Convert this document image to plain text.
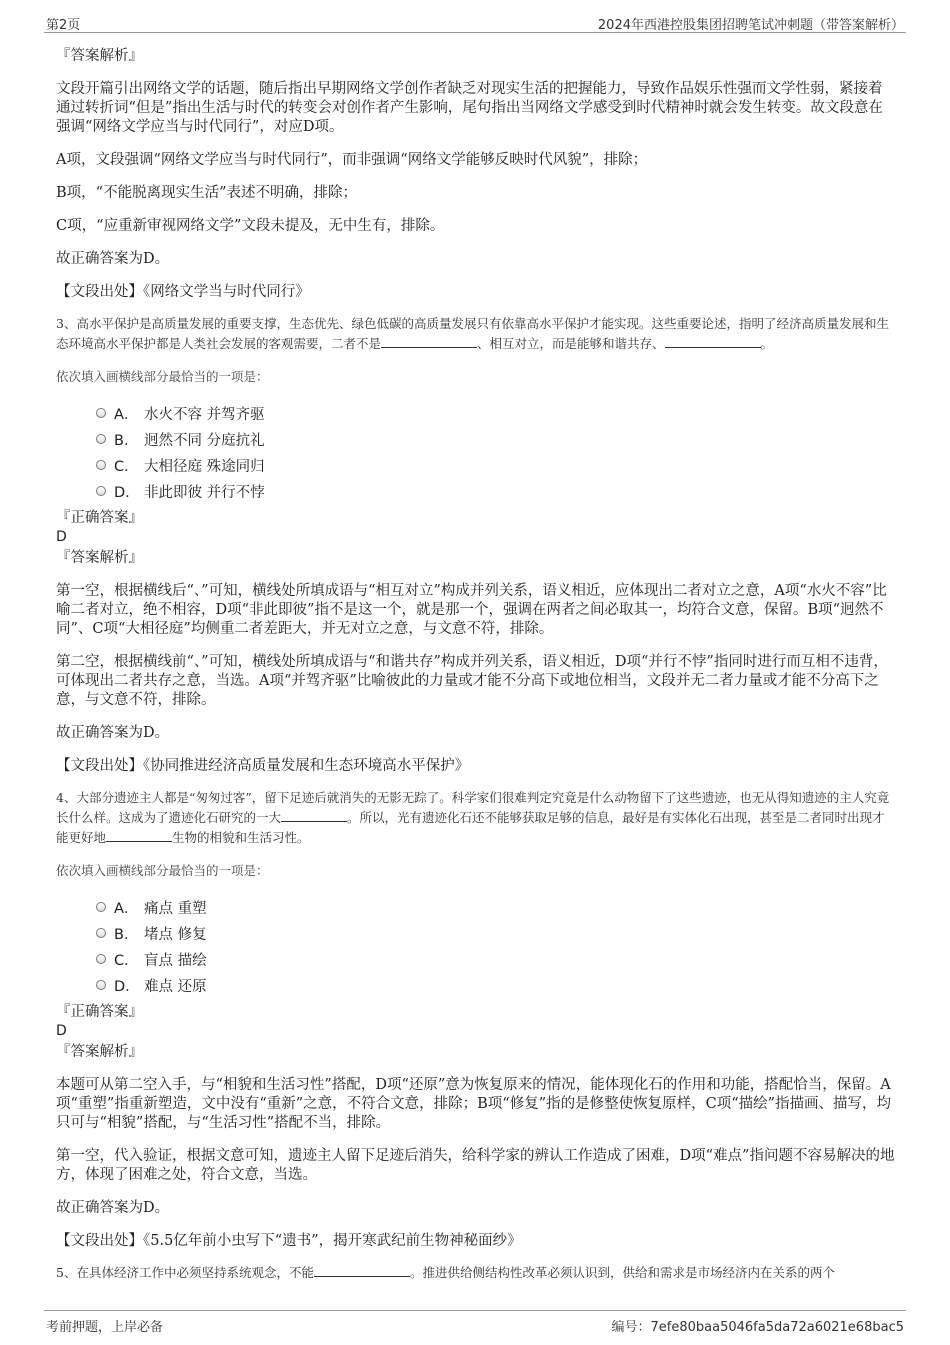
第2页	2024年西港控股集团招聘笔试冲刺题（带答案解析）

『答案解析』

文段开篇引出网络文学的话题，随后指出早期网络文学创作者缺乏对现实生活的把握能力，导致作品娱乐性强而文学性弱，紧接着通过转折词“但是”指出生活与时代的转变会对创作者产生影响，尾句指出当网络文学感受到时代精神时就会发生转变。故文段意在强调“网络文学应当与时代同行”，对应D项。

A项，文段强调“网络文学应当与时代同行”，而非强调“网络文学能够反映时代风貌”，排除；

B项，“不能脱离现实生活”表述不明确，排除；

C项，“应重新审视网络文学”文段未提及，无中生有，排除。

故正确答案为D。

【文段出处】《网络文学当与时代同行》

3、高水平保护是高质量发展的重要支撑，生态优先、绿色低碳的高质量发展只有依靠高水平保护才能实现。这些重要论述，指明了经济高质量发展和生态环境高水平保护都是人类社会发展的客观需要，二者不是	、相互对立，而是能够和谐共存、	。

依次填入画横线部分最恰当的一项是：

A． 水火不容 并驾齐驱
B． 迥然不同 分庭抗礼
C． 大相径庭 殊途同归
D． 非此即彼 并行不悖

『正确答案』

D

『答案解析』

第一空，根据横线后“、”可知，横线处所填成语与“相互对立”构成并列关系，语义相近，应体现出二者对立之意，A项“水火不容”比喻二者对立，绝不相容，D项“非此即彼”指不是这一个，就是那一个，强调在两者之间必取其一，均符合文意，保留。B项“迥然不同”、C项“大相径庭”均侧重二者差距大，并无对立之意，与文意不符，排除。

第二空，根据横线前“、”可知，横线处所填成语与“和谐共存”构成并列关系，语义相近，D项“并行不悖”指同时进行而互相不违背，可体现出二者共存之意，当选。A项“并驾齐驱”比喻彼此的力量或才能不分高下或地位相当，文段并无二者力量或才能不分高下之意，与文意不符，排除。

故正确答案为D。

【文段出处】《协同推进经济高质量发展和生态环境高水平保护》

4、大部分遗迹主人都是“匆匆过客”，留下足迹后就消失的无影无踪了。科学家们很难判定究竟是什么动物留下了这些遗迹，也无从得知遗迹的主人究竟长什么样。这成为了遗迹化石研究的一大	。所以，光有遗迹化石还不能够获取足够的信息，最好是有实体化石出现，甚至是二者同时出现才能更好地	生物的相貌和生活习性。

依次填入画横线部分最恰当的一项是：

A． 痛点 重塑
B． 堵点 修复
C． 盲点 描绘
D． 难点 还原

『正确答案』

D

『答案解析』

本题可从第二空入手，与“相貌和生活习性”搭配，D项“还原”意为恢复原来的情况，能体现化石的作用和功能，搭配恰当，保留。A项“重塑”指重新塑造，文中没有“重新”之意，不符合文意，排除；B项“修复”指的是修整使恢复原样，C项“描绘”指描画、描写，均只可与“相貌”搭配，与“生活习性”搭配不当，排除。

第一空，代入验证，根据文意可知，遗迹主人留下足迹后消失，给科学家的辨认工作造成了困难，D项“难点”指问题不容易解决的地方，体现了困难之处，符合文意，当选。

故正确答案为D。

【文段出处】《5.5亿年前小虫写下“遗书”，揭开寒武纪前生物神秘面纱》

5、在具体经济工作中必须坚持系统观念，不能	。推进供给侧结构性改革必须认识到，供给和需求是市场经济内在关系的两个

考前押题，上岸必备	编号：7efe80baa5046fa5da72a6021e68bac5
